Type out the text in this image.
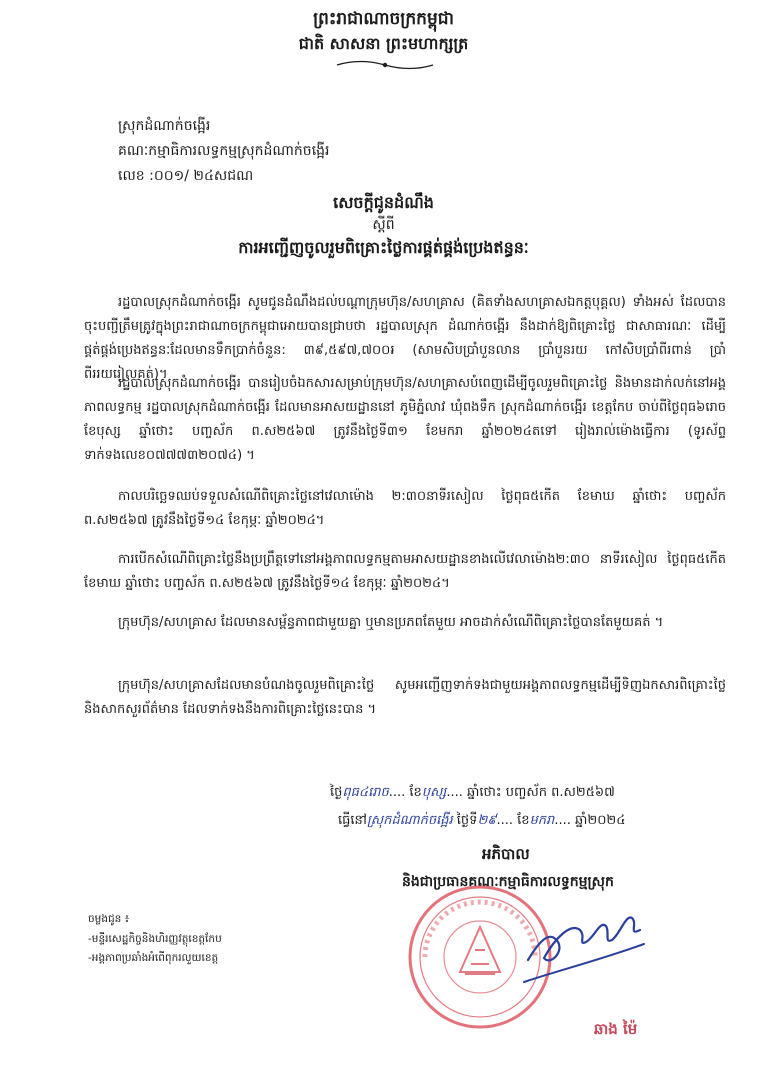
ព្រះរាជាណាចក្រកម្ពុជា
ជាតិ សាសនា ព្រះមហាក្សត្រ
ស្រុកដំណាក់ចង្អើរ
គណៈកម្មាធិការលទ្ធកម្មស្រុកដំណាក់ចង្អើរ
លេខ :០០១/ ២៤សជណ
សេចក្ដីជូនដំណឹង
ស្ដីពី
ការអញ្ជើញចូលរួមពិគ្រោះថ្លៃការផ្គត់ផ្គង់ប្រេងឥន្ធនៈ
រដ្ឋបាលស្រុកដំណាក់ចង្អើរ សូមជូនដំណឹងដល់បណ្ដាក្រុមហ៊ុន/សហគ្រាស (គិតទាំងសហគ្រាសឯកត្តបុគ្គល) ទាំងអស់ ដែលបានចុះបញ្ជីត្រឹមត្រូវក្នុងព្រះរាជាណាចក្រកម្ពុជាអោយបានជ្រាបថា រដ្ឋបាលស្រុក ដំណាក់ចង្អើរ នឹងដាក់ឱ្យពិគ្រោះថ្លៃ ជាសាធារណៈ ដើម្បីផ្គត់ផ្គង់ប្រេងឥន្ធនៈដែលមានទឹកប្រាក់ចំនួន: ៣៩,៥៩៧,៧០០៛ (សាមសិបប្រាំបួនលាន ប្រាំបួនរយ កៅសិបប្រាំពីរពាន់ ប្រាំពីររយរៀលគត់)។
រដ្ឋបាលស្រុកដំណាក់ចង្អើរ បានរៀបចំឯកសារសម្រាប់ក្រុមហ៊ុន/សហគ្រាសបំពេញដើម្បីចូលរួមពិគ្រោះថ្លៃ និងមានដាក់លក់នៅអង្គភាពលទ្ធកម្ម រដ្ឋបាលស្រុកដំណាក់ចង្អើរ ដែលមានអាសយដ្ឋាននៅ ភូមិភ្នំលាវ ឃុំពងទឹក ស្រុកដំណាក់ចង្អើរ ខេត្តកែប ចាប់ពីថ្ងៃពុធ៦រោច ខែបុស្ស ឆ្នាំថោះ បញ្ចស័ក ព.ស២៥៦៧ ត្រូវនឹងថ្ងៃទី៣១ ខែមករា ឆ្នាំ២០២៤តទៅ រៀងរាល់ម៉ោងធ្វើការ (ទូរស័ព្ទទាក់ទងលេខ០៧៧៧៣២០៧៤) ។
កាលបរិច្ឆេទឈប់ទទួលសំណើពិគ្រោះថ្លៃនៅវេលាម៉ោង ២:៣០នាទីរសៀល ថ្ងៃពុធ៥កើត ខែមាឃ ឆ្នាំថោះ បញ្ចស័ក ព.ស២៥៦៧ ត្រូវនឹងថ្ងៃទី១៤ ខែកុម្ភៈ ឆ្នាំ២០២៤។
ការបើកសំណើពិគ្រោះថ្លៃនឹងប្រព្រឹត្តទៅនៅអង្គភាពលទ្ធកម្មតាមអាសយដ្ឋានខាងលើវេលាម៉ោង២:៣០ នាទីរសៀល ថ្ងៃពុធ៥កើត ខែមាឃ ឆ្នាំថោះ បញ្ចស័ក ព.ស២៥៦៧ ត្រូវនឹងថ្ងៃទី១៤ ខែកុម្ភៈ ឆ្នាំ២០២៤។
ក្រុមហ៊ុន/សហគ្រាស ដែលមានសម្ព័ន្ធភាពជាមួយគ្នា ឬមានប្រភពតែមួយ អាចដាក់សំណើពិគ្រោះថ្លៃបានតែមួយគត់ ។
ក្រុមហ៊ុន/សហគ្រាសដែលមានបំណងចូលរួមពិគ្រោះថ្លៃ សូមអញ្ជើញទាក់ទងជាមួយអង្គភាពលទ្ធកម្មដើម្បីទិញឯកសារពិគ្រោះថ្លៃ និងសាកសួរព័ត៌មាន ដែលទាក់ទងនឹងការពិគ្រោះថ្លៃនេះបាន ។
ថ្ងៃពុធ៤រោច.... ខែបុស្ស.... ឆ្នាំថោះ បញ្ចស័ក ព.ស២៥៦៧
ធ្វើនៅស្រុកដំណាក់ចង្អើរ ថ្ងៃទី២៩.... ខែមករា.... ឆ្នាំ២០២៤
អភិបាល
និងជាប្រធានគណៈកម្មាធិការលទ្ធកម្មស្រុក
ឆាង ម៉ៃ
ចម្លងជូន ៖
-មន្ទីរសេដ្ឋកិច្ចនិងហិរញ្ញវត្ថុខេត្តកែប
-អង្គភាពប្រឆាំងអំពើពុករលួយខេត្ត
